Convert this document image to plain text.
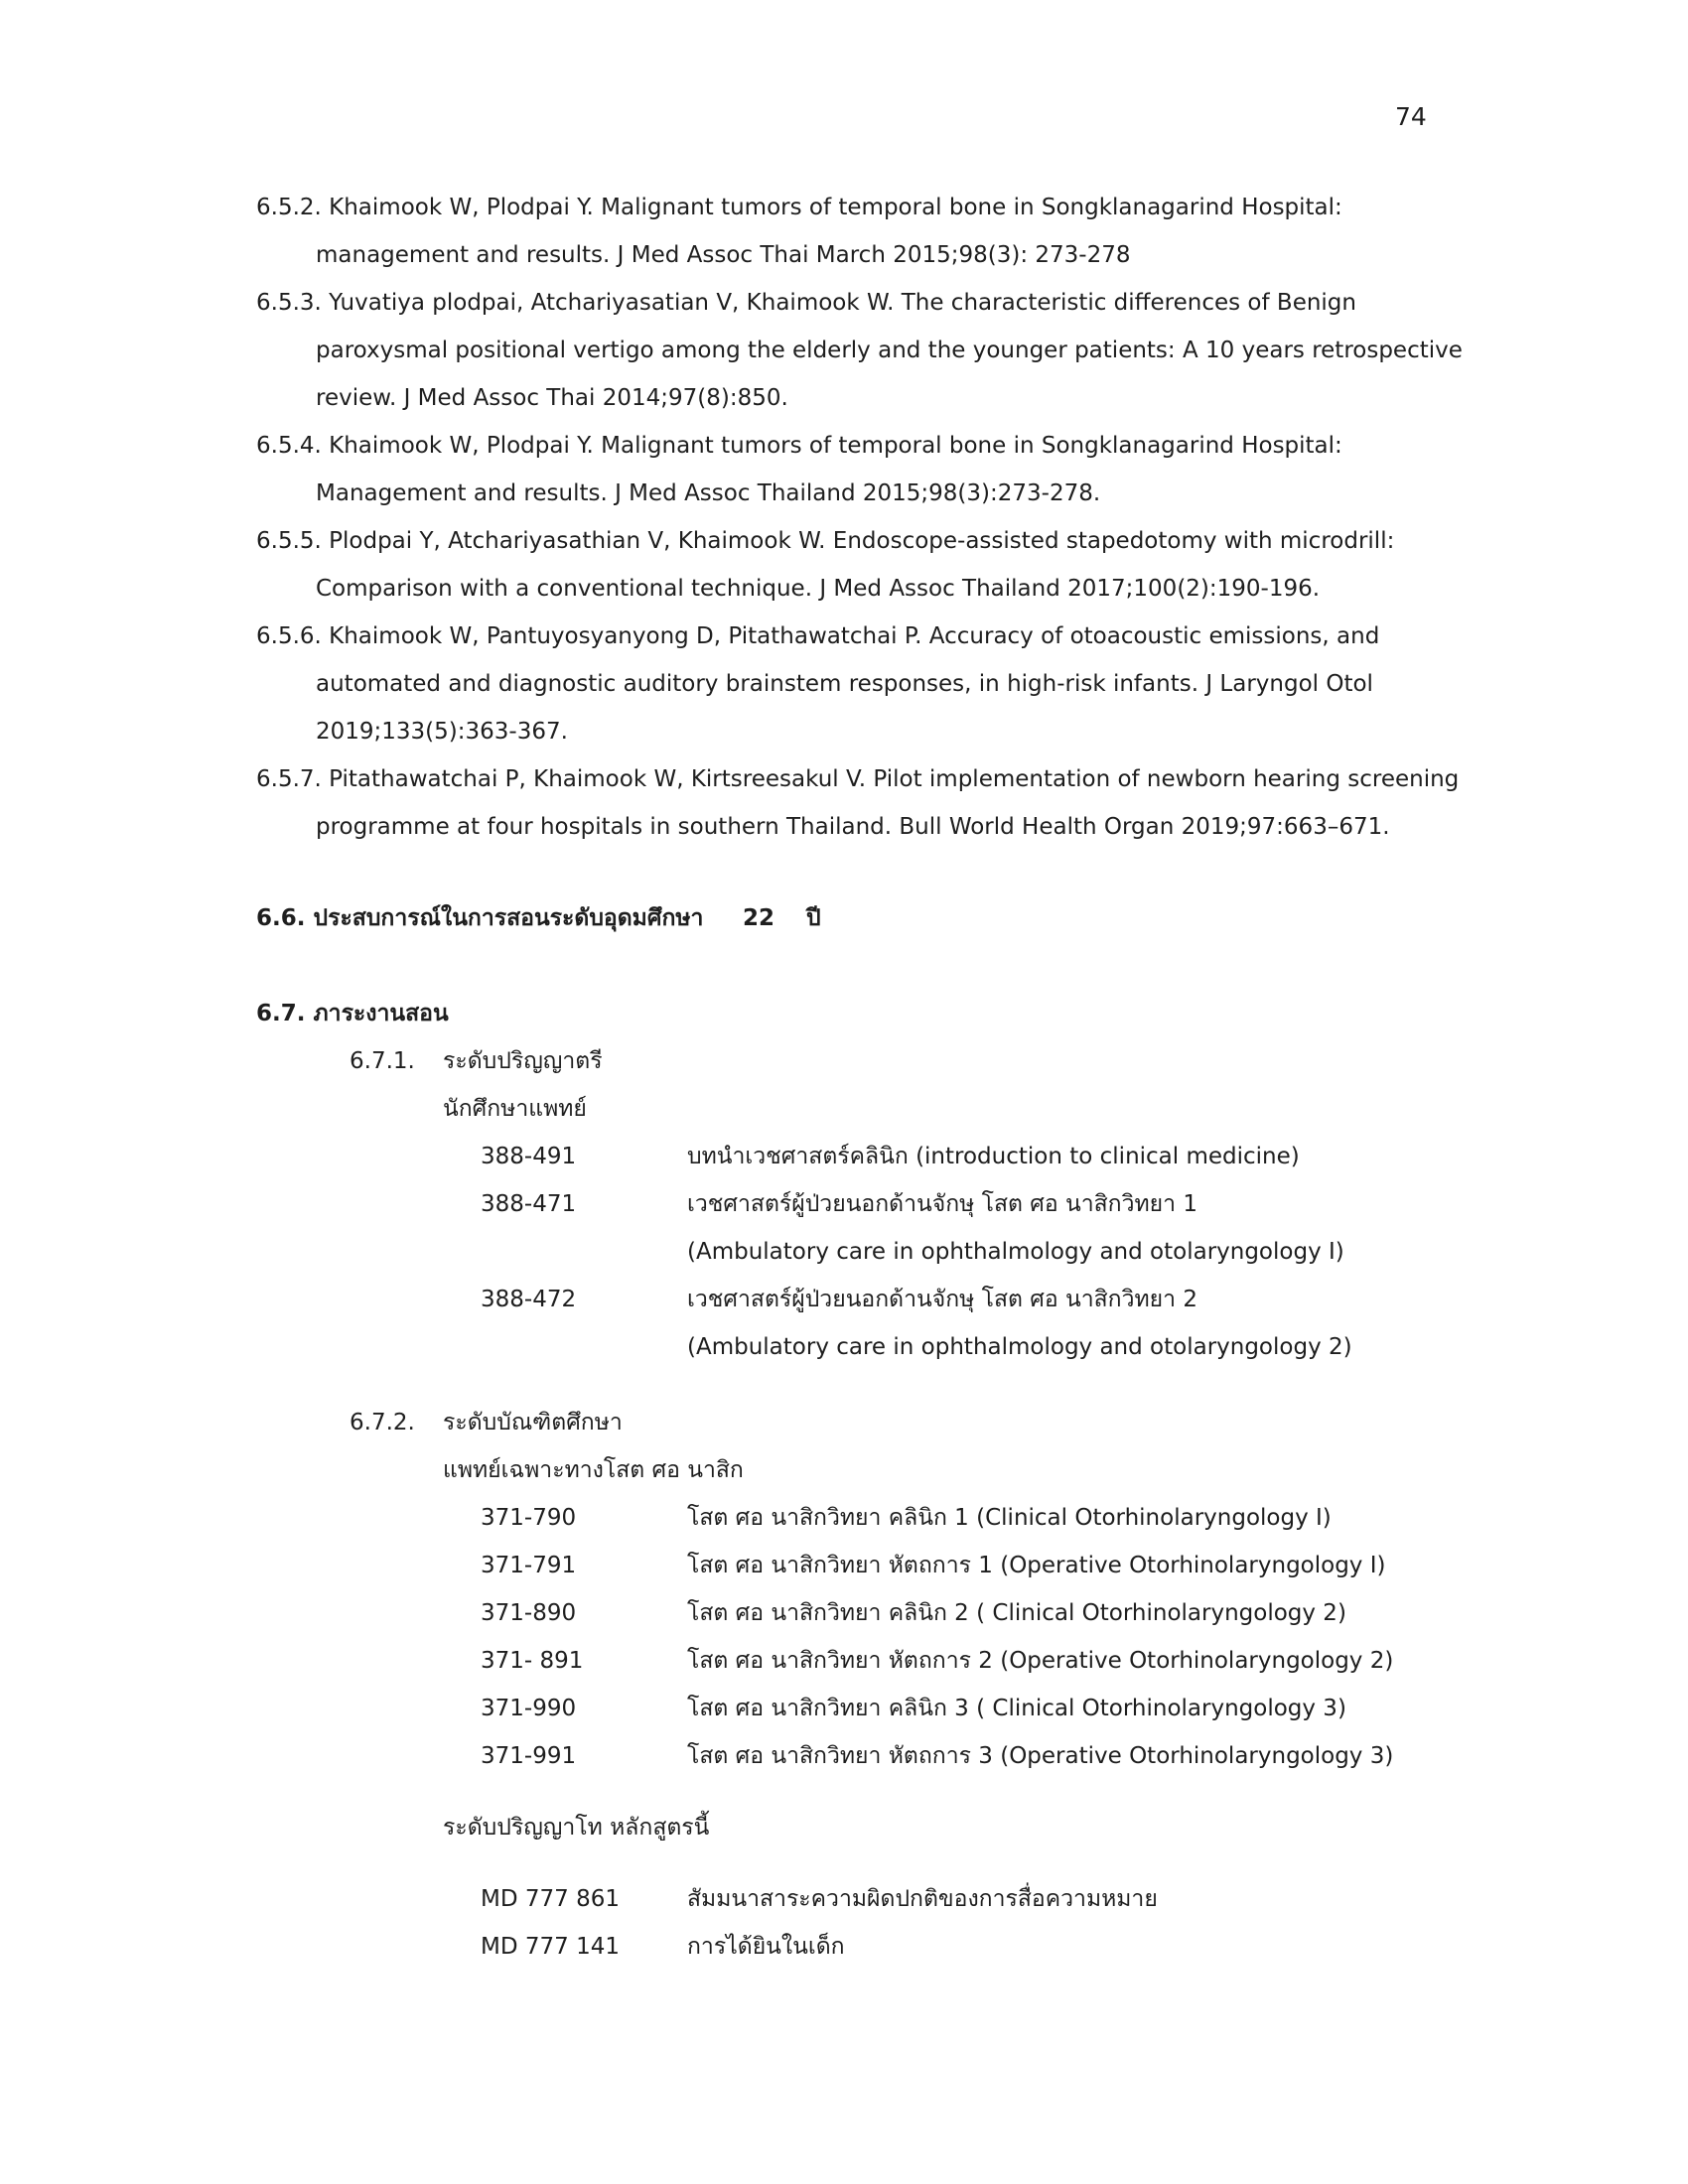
74
6.5.2. Khaimook W, Plodpai Y. Malignant tumors of temporal bone in Songklanagarind Hospital:
management and results. J Med Assoc Thai March 2015;98(3): 273-278
6.5.3. Yuvatiya plodpai, Atchariyasatian V, Khaimook W. The characteristic differences of Benign
paroxysmal positional vertigo among the elderly and the younger patients: A 10 years retrospective
review. J Med Assoc Thai 2014;97(8):850.
6.5.4. Khaimook W, Plodpai Y. Malignant tumors of temporal bone in Songklanagarind Hospital:
Management and results. J Med Assoc Thailand 2015;98(3):273-278.
6.5.5. Plodpai Y, Atchariyasathian V, Khaimook W. Endoscope-assisted stapedotomy with microdrill:
Comparison with a conventional technique. J Med Assoc Thailand 2017;100(2):190-196.
6.5.6. Khaimook W, Pantuyosyanyong D, Pitathawatchai P. Accuracy of otoacoustic emissions, and
automated and diagnostic auditory brainstem responses, in high-risk infants. J Laryngol Otol
2019;133(5):363-367.
6.5.7. Pitathawatchai P, Khaimook W, Kirtsreesakul V. Pilot implementation of newborn hearing screening
programme at four hospitals in southern Thailand. Bull World Health Organ 2019;97:663–671.
6.6. ประสบการณ์ในการสอนระดับอุดมศึกษา 22 ปี
6.7. ภาระงานสอน
6.7.1. ระดับปริญญาตรี
นักศึกษาแพทย์
388-491	บทนำเวชศาสตร์คลินิก (introduction to clinical medicine)
388-471	เวชศาสตร์ผู้ป่วยนอกด้านจักษุ โสต ศอ นาสิกวิทยา 1
(Ambulatory care in ophthalmology and otolaryngology I)
388-472	เวชศาสตร์ผู้ป่วยนอกด้านจักษุ โสต ศอ นาสิกวิทยา 2
(Ambulatory care in ophthalmology and otolaryngology 2)
6.7.2. ระดับบัณฑิตศึกษา
แพทย์เฉพาะทางโสต ศอ นาสิก
371-790	โสต ศอ นาสิกวิทยา คลินิก 1 (Clinical Otorhinolaryngology I)
371-791	โสต ศอ นาสิกวิทยา หัตถการ 1 (Operative Otorhinolaryngology I)
371-890	โสต ศอ นาสิกวิทยา คลินิก 2 ( Clinical Otorhinolaryngology 2)
371- 891	โสต ศอ นาสิกวิทยา หัตถการ 2 (Operative Otorhinolaryngology 2)
371-990	โสต ศอ นาสิกวิทยา คลินิก 3 ( Clinical Otorhinolaryngology 3)
371-991	โสต ศอ นาสิกวิทยา หัตถการ 3 (Operative Otorhinolaryngology 3)
ระดับปริญญาโท หลักสูตรนี้
MD 777 861	สัมมนาสาระความผิดปกติของการสื่อความหมาย
MD 777 141	การได้ยินในเด็ก
